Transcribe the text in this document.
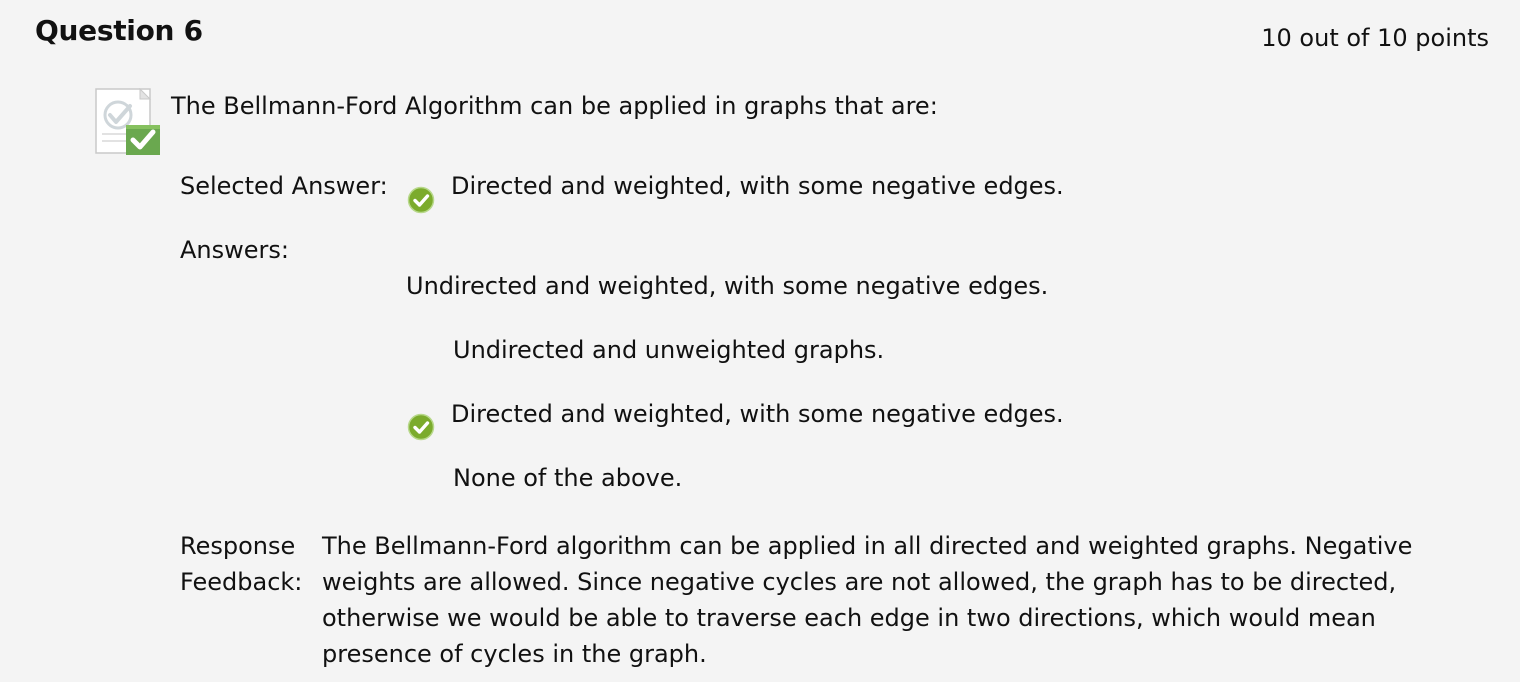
Question 6	10 out of 10 points
The Bellmann-Ford Algorithm can be applied in graphs that are:
Selected Answer:	Directed and weighted, with some negative edges.
Answers:
Undirected and weighted, with some negative edges.
Undirected and unweighted graphs.
Directed and weighted, with some negative edges.
None of the above.
Response
Feedback:
The Bellmann-Ford algorithm can be applied in all directed and weighted graphs. Negative weights are allowed. Since negative cycles are not allowed, the graph has to be directed, otherwise we would be able to traverse each edge in two directions, which would mean presence of cycles in the graph.
